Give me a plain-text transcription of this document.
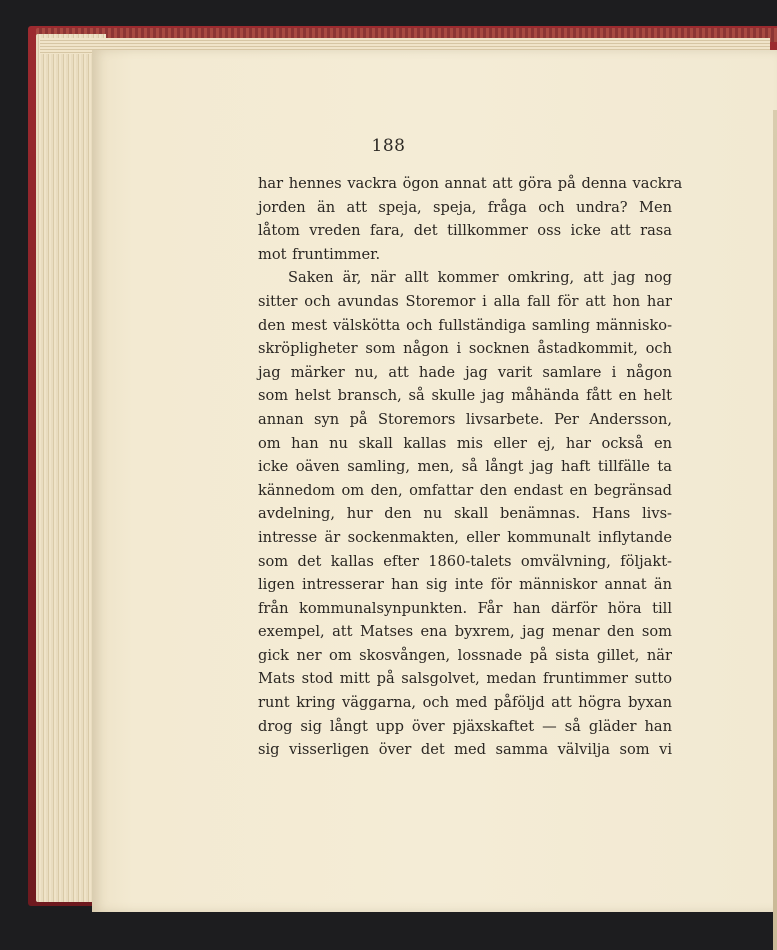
188
har hennes vackra ögon annat att göra på denna vackra
jorden än att speja, speja, fråga och undra? Men
låtom vreden fara, det tillkommer oss icke att rasa
mot fruntimmer.
Saken är, när allt kommer omkring, att jag nog
sitter och avundas Storemor i alla fall för att hon har
den mest välskötta och fullständiga samling människo-
skröpligheter som någon i socknen åstadkommit, och
jag märker nu, att hade jag varit samlare i någon
som helst bransch, så skulle jag måhända fått en helt
annan syn på Storemors livsarbete. Per Andersson,
om han nu skall kallas mis eller ej, har också en
icke oäven samling, men, så långt jag haft tillfälle ta
kännedom om den, omfattar den endast en begränsad
avdelning, hur den nu skall benämnas. Hans livs-
intresse är sockenmakten, eller kommunalt inflytande
som det kallas efter 1860-talets omvälvning, följakt-
ligen intresserar han sig inte för människor annat än
från kommunalsynpunkten. Får han därför höra till
exempel, att Matses ena byxrem, jag menar den som
gick ner om skosvången, lossnade på sista gillet, när
Mats stod mitt på salsgolvet, medan fruntimmer sutto
runt kring väggarna, och med påföljd att högra byxan
drog sig långt upp över pjäxskaftet — så gläder han
sig visserligen över det med samma välvilja som vi
